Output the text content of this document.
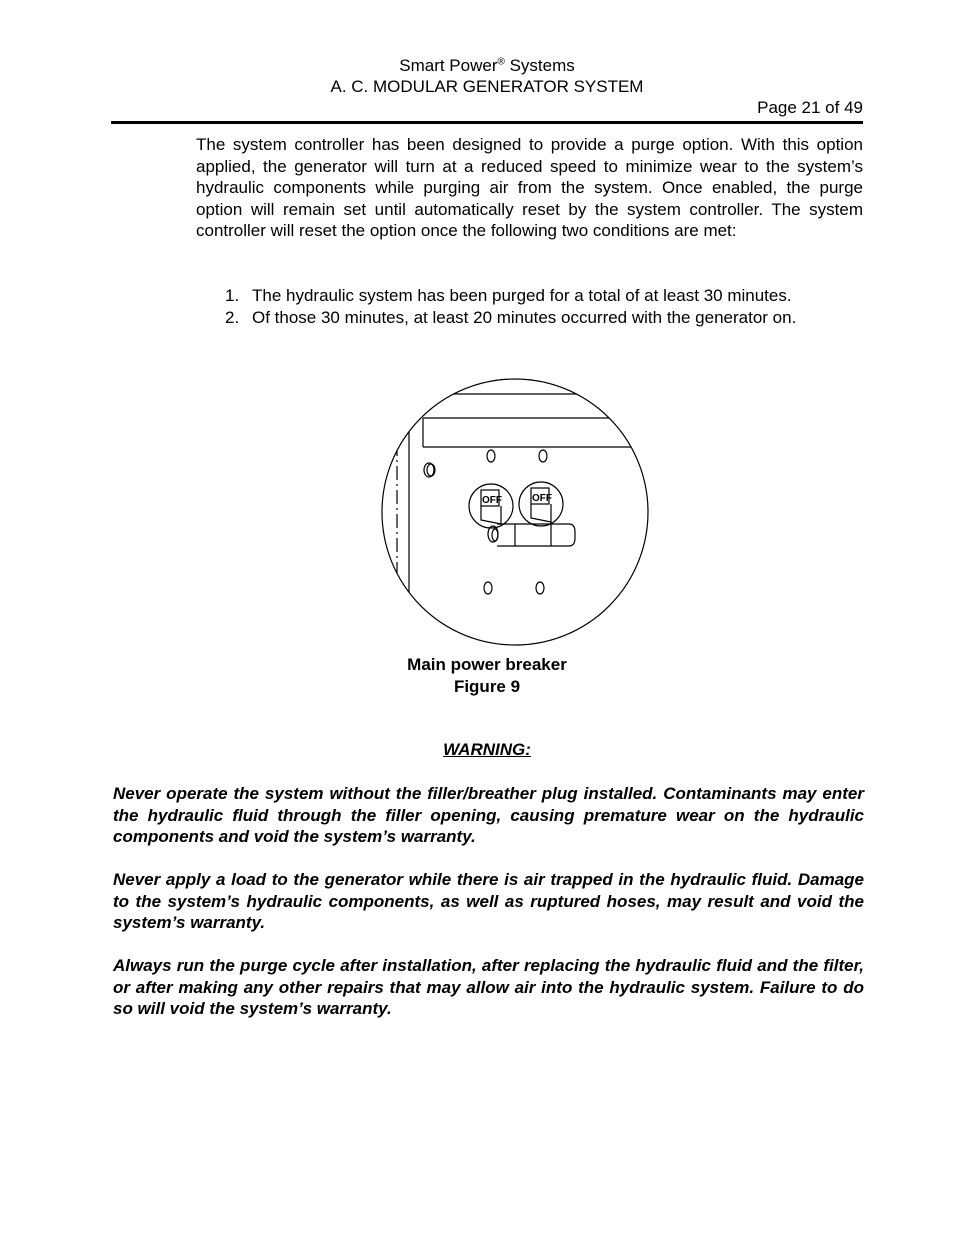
Smart Power® Systems
A. C. MODULAR GENERATOR SYSTEM
Page 21 of 49

The system controller has been designed to provide a purge option. With this option applied, the generator will turn at a reduced speed to minimize wear to the system’s hydraulic components while purging air from the system. Once enabled, the purge option will remain set until automatically reset by the system controller. The system controller will reset the option once the following two conditions are met:

1. The hydraulic system has been purged for a total of at least 30 minutes.
2. Of those 30 minutes, at least 20 minutes occurred with the generator on.
OFF	OFF
Main power breaker
Figure 9
WARNING:

Never operate the system without the filler/breather plug installed. Contaminants may enter the hydraulic fluid through the filler opening, causing premature wear on the hydraulic components and void the system’s warranty.

Never apply a load to the generator while there is air trapped in the hydraulic fluid. Damage to the system’s hydraulic components, as well as ruptured hoses, may result and void the system’s warranty.

Always run the purge cycle after installation, after replacing the hydraulic fluid and the filter, or after making any other repairs that may allow air into the hydraulic system. Failure to do so will void the system’s warranty.
